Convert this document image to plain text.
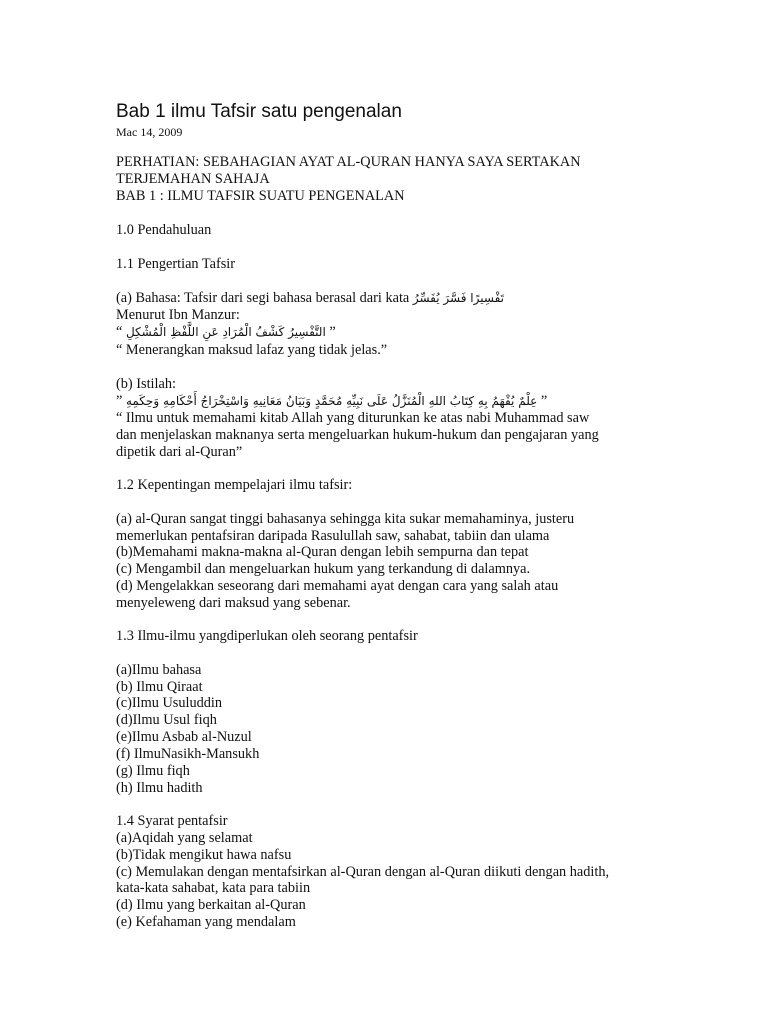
Bab 1 ilmu Tafsir satu pengenalan
Mac 14, 2009
PERHATIAN: SEBAHAGIAN AYAT AL-QURAN HANYA SAYA SERTAKAN
TERJEMAHAN SAHAJA
BAB 1 : ILMU TAFSIR SUATU PENGENALAN
1.0 Pendahuluan
1.1 Pengertian Tafsir
(a) Bahasa: Tafsir dari segi bahasa berasal dari kata تَفْسِيرًا فَسَّرَ يُفَسِّرُ
Menurut Ibn Manzur:
“ التَّفْسِيرُ كَشْفُ الْمُرَادِ عَنِ اللَّفْظِ الْمُشْكِلِ ”
“ Menerangkan maksud lafaz yang tidak jelas.”
(b) Istilah:
” عِلْمٌ يُفْهَمُ بِهِ كِتَابُ اللهِ الْمُنَزَّلُ عَلَى نَبِيِّهِ مُحَمَّدٍ وَبَيَانُ مَعَانِيهِ وَاسْتِخْرَاجُ أَحْكَامِهِ وَحِكَمِهِ ”
“ Ilmu untuk memahami kitab Allah yang diturunkan ke atas nabi Muhammad saw
dan menjelaskan maknanya serta mengeluarkan hukum-hukum dan pengajaran yang
dipetik dari al-Quran”
1.2 Kepentingan mempelajari ilmu tafsir:
(a) al-Quran sangat tinggi bahasanya sehingga kita sukar memahaminya, justeru
memerlukan pentafsiran daripada Rasulullah saw, sahabat, tabiin dan ulama
(b)Memahami makna-makna al-Quran dengan lebih sempurna dan tepat
(c) Mengambil dan mengeluarkan hukum yang terkandung di dalamnya.
(d) Mengelakkan seseorang dari memahami ayat dengan cara yang salah atau
menyeleweng dari maksud yang sebenar.
1.3 Ilmu-ilmu yangdiperlukan oleh seorang pentafsir
(a)Ilmu bahasa
(b) Ilmu Qiraat
(c)Ilmu Usuluddin
(d)Ilmu Usul fiqh
(e)Ilmu Asbab al-Nuzul
(f) IlmuNasikh-Mansukh
(g) Ilmu fiqh
(h) Ilmu hadith
1.4 Syarat pentafsir
(a)Aqidah yang selamat
(b)Tidak mengikut hawa nafsu
(c) Memulakan dengan mentafsirkan al-Quran dengan al-Quran diikuti dengan hadith,
kata-kata sahabat, kata para tabiin
(d) Ilmu yang berkaitan al-Quran
(e) Kefahaman yang mendalam
